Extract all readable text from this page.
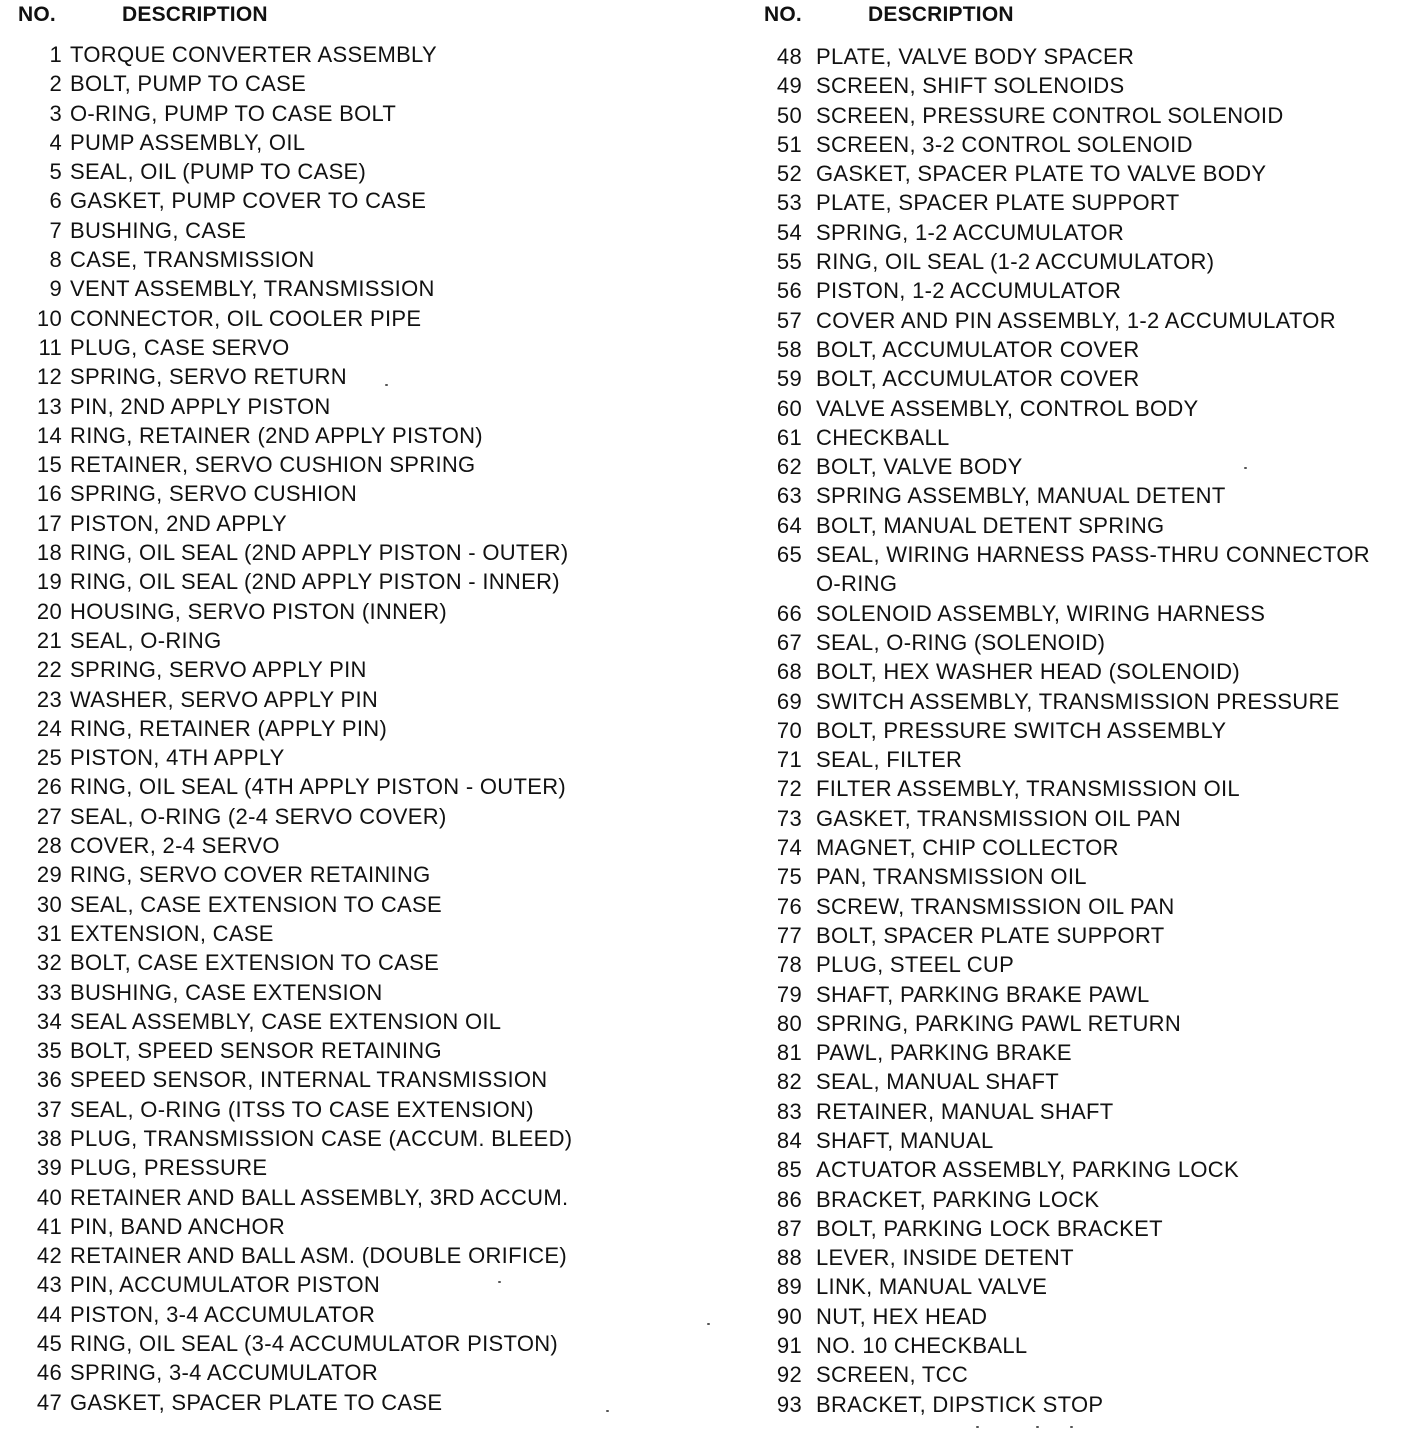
NO.	DESCRIPTION
1 TORQUE CONVERTER ASSEMBLY
2 BOLT, PUMP TO CASE
3 O-RING, PUMP TO CASE BOLT
4 PUMP ASSEMBLY, OIL
5 SEAL, OIL (PUMP TO CASE)
6 GASKET, PUMP COVER TO CASE
7 BUSHING, CASE
8 CASE, TRANSMISSION
9 VENT ASSEMBLY, TRANSMISSION
10 CONNECTOR, OIL COOLER PIPE
11 PLUG, CASE SERVO
12 SPRING, SERVO RETURN
13 PIN, 2ND APPLY PISTON
14 RING, RETAINER (2ND APPLY PISTON)
15 RETAINER, SERVO CUSHION SPRING
16 SPRING, SERVO CUSHION
17 PISTON, 2ND APPLY
18 RING, OIL SEAL (2ND APPLY PISTON - OUTER)
19 RING, OIL SEAL (2ND APPLY PISTON - INNER)
20 HOUSING, SERVO PISTON (INNER)
21 SEAL, O-RING
22 SPRING, SERVO APPLY PIN
23 WASHER, SERVO APPLY PIN
24 RING, RETAINER (APPLY PIN)
25 PISTON, 4TH APPLY
26 RING, OIL SEAL (4TH APPLY PISTON - OUTER)
27 SEAL, O-RING (2-4 SERVO COVER)
28 COVER, 2-4 SERVO
29 RING, SERVO COVER RETAINING
30 SEAL, CASE EXTENSION TO CASE
31 EXTENSION, CASE
32 BOLT, CASE EXTENSION TO CASE
33 BUSHING, CASE EXTENSION
34 SEAL ASSEMBLY, CASE EXTENSION OIL
35 BOLT, SPEED SENSOR RETAINING
36 SPEED SENSOR, INTERNAL TRANSMISSION
37 SEAL, O-RING (ITSS TO CASE EXTENSION)
38 PLUG, TRANSMISSION CASE (ACCUM. BLEED)
39 PLUG, PRESSURE
40 RETAINER AND BALL ASSEMBLY, 3RD ACCUM.
41 PIN, BAND ANCHOR
42 RETAINER AND BALL ASM. (DOUBLE ORIFICE)
43 PIN, ACCUMULATOR PISTON
44 PISTON, 3-4 ACCUMULATOR
45 RING, OIL SEAL (3-4 ACCUMULATOR PISTON)
46 SPRING, 3-4 ACCUMULATOR
47 GASKET, SPACER PLATE TO CASE
NO.	DESCRIPTION
48 PLATE, VALVE BODY SPACER
49 SCREEN, SHIFT SOLENOIDS
50 SCREEN, PRESSURE CONTROL SOLENOID
51 SCREEN, 3-2 CONTROL SOLENOID
52 GASKET, SPACER PLATE TO VALVE BODY
53 PLATE, SPACER PLATE SUPPORT
54 SPRING, 1-2 ACCUMULATOR
55 RING, OIL SEAL (1-2 ACCUMULATOR)
56 PISTON, 1-2 ACCUMULATOR
57 COVER AND PIN ASSEMBLY, 1-2 ACCUMULATOR
58 BOLT, ACCUMULATOR COVER
59 BOLT, ACCUMULATOR COVER
60 VALVE ASSEMBLY, CONTROL BODY
61 CHECKBALL
62 BOLT, VALVE BODY
63 SPRING ASSEMBLY, MANUAL DETENT
64 BOLT, MANUAL DETENT SPRING
65 SEAL, WIRING HARNESS PASS-THRU CONNECTOR
O-RING
66 SOLENOID ASSEMBLY, WIRING HARNESS
67 SEAL, O-RING (SOLENOID)
68 BOLT, HEX WASHER HEAD (SOLENOID)
69 SWITCH ASSEMBLY, TRANSMISSION PRESSURE
70 BOLT, PRESSURE SWITCH ASSEMBLY
71 SEAL, FILTER
72 FILTER ASSEMBLY, TRANSMISSION OIL
73 GASKET, TRANSMISSION OIL PAN
74 MAGNET, CHIP COLLECTOR
75 PAN, TRANSMISSION OIL
76 SCREW, TRANSMISSION OIL PAN
77 BOLT, SPACER PLATE SUPPORT
78 PLUG, STEEL CUP
79 SHAFT, PARKING BRAKE PAWL
80 SPRING, PARKING PAWL RETURN
81 PAWL, PARKING BRAKE
82 SEAL, MANUAL SHAFT
83 RETAINER, MANUAL SHAFT
84 SHAFT, MANUAL
85 ACTUATOR ASSEMBLY, PARKING LOCK
86 BRACKET, PARKING LOCK
87 BOLT, PARKING LOCK BRACKET
88 LEVER, INSIDE DETENT
89 LINK, MANUAL VALVE
90 NUT, HEX HEAD
91 NO. 10 CHECKBALL
92 SCREEN, TCC
93 BRACKET, DIPSTICK STOP
